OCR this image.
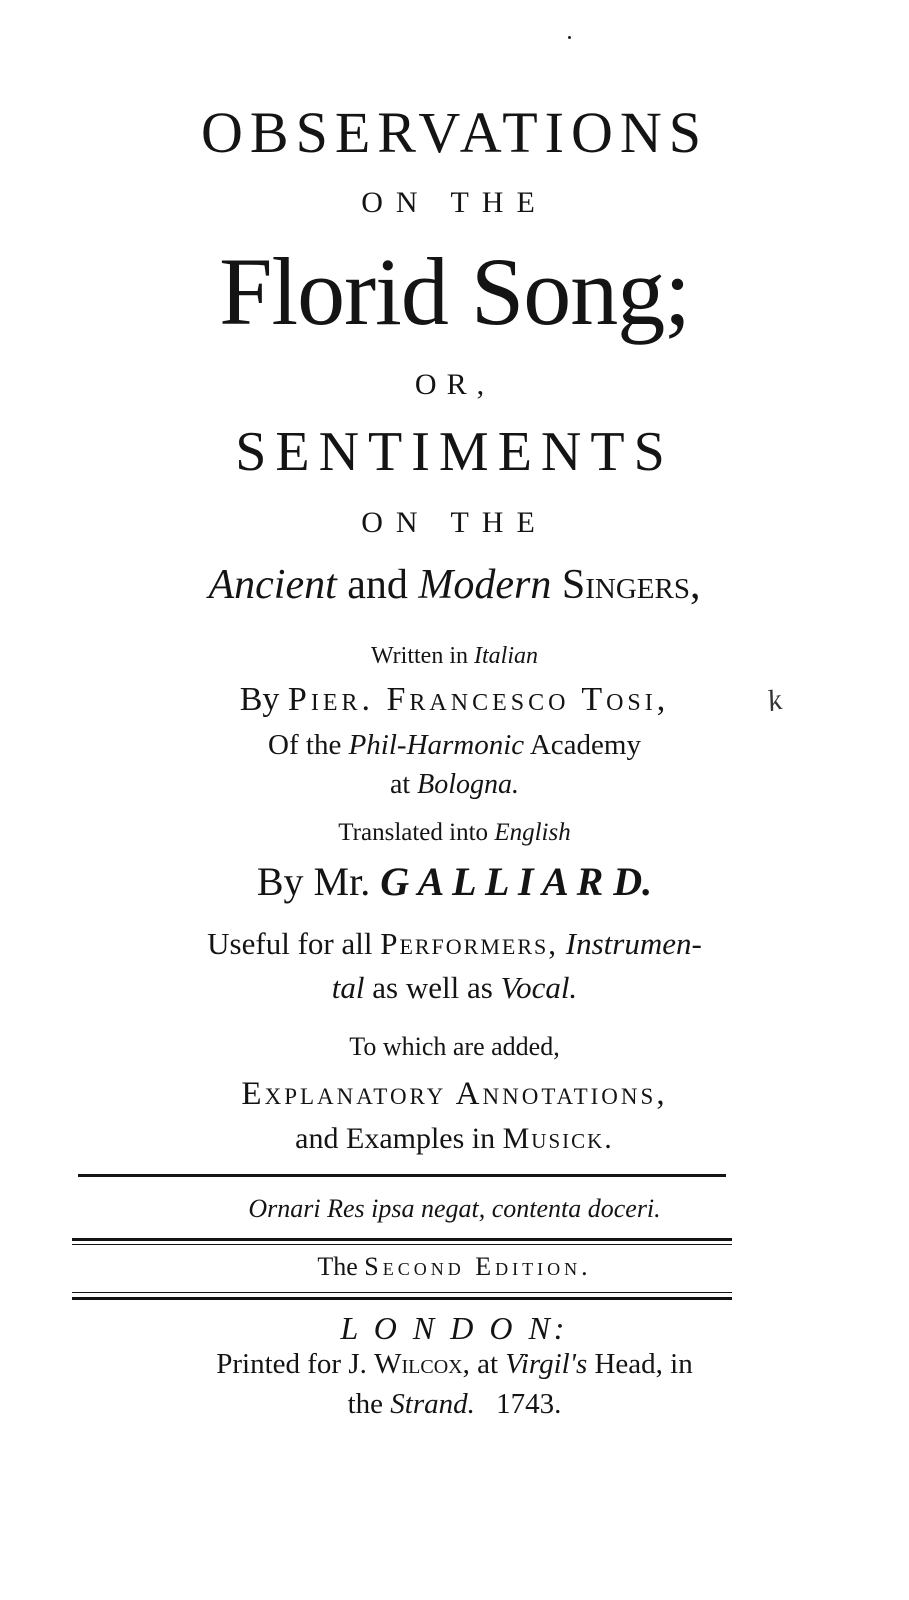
OBSERVATIONS
ON THE
Florid Song;
OR,
SENTIMENTS
ON THE
Ancient and Modern Singers,
Written in Italian
By Pier. Francesco Tosi,
Of the Phil-Harmonic Academy
at Bologna.
Translated into English
By Mr. G A L L I A R D.
Useful for all Performers, Instrumen-
tal as well as Vocal.
To which are added,
Explanatory Annotations,
and Examples in Musick.
Ornari Res ipsa negat, contenta doceri.
The Second Edition.
L O N D O N:
Printed for J. Wilcox, at Virgil's Head, in
the Strand. 1743.
k
